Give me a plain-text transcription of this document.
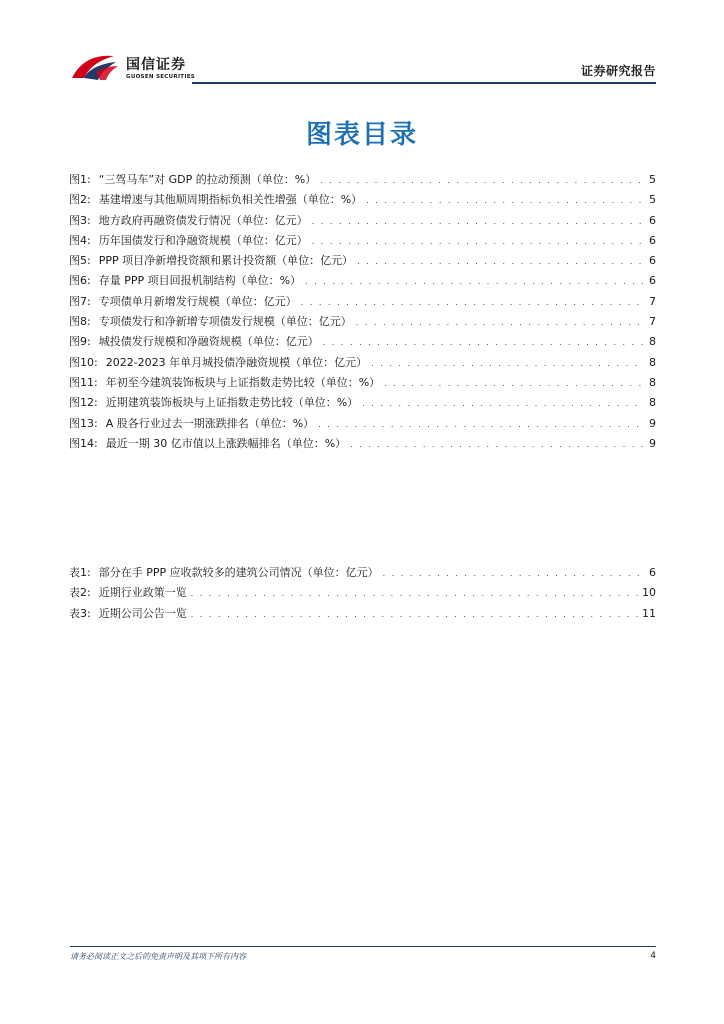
国信证券
GUOSEN SECURITIES	证券研究报告
图表目录
图1: “三驾马车”对 GDP 的拉动预测（单位：%） . . .	5
图2: 基建增速与其他顺周期指标负相关性增强（单位：%） . . .	5
图3: 地方政府再融资债发行情况（单位：亿元） . . .	6
图4: 历年国债发行和净融资规模（单位：亿元） . . .	6
图5: PPP 项目净新增投资额和累计投资额（单位：亿元） . . .	6
图6: 存量 PPP 项目回报机制结构（单位：%） . . .	6
图7: 专项债单月新增发行规模（单位：亿元） . . .	7
图8: 专项债发行和净新增专项债发行规模（单位：亿元） . . .	7
图9: 城投债发行规模和净融资规模（单位：亿元） . . .	8
图10: 2022-2023 年单月城投债净融资规模（单位：亿元） . . .	8
图11: 年初至今建筑装饰板块与上证指数走势比较（单位：%） . . .	8
图12: 近期建筑装饰板块与上证指数走势比较（单位：%） . . .	8
图13: A 股各行业过去一期涨跌排名（单位：%） . . .	9
图14: 最近一期 30 亿市值以上涨跌幅排名（单位：%） . . .	9
表1: 部分在手 PPP 应收款较多的建筑公司情况（单位：亿元） . . .	6
表2: 近期行业政策一览 . . .	10
表3: 近期公司公告一览 . . .	11
请务必阅读正文之后的免责声明及其项下所有内容	4
